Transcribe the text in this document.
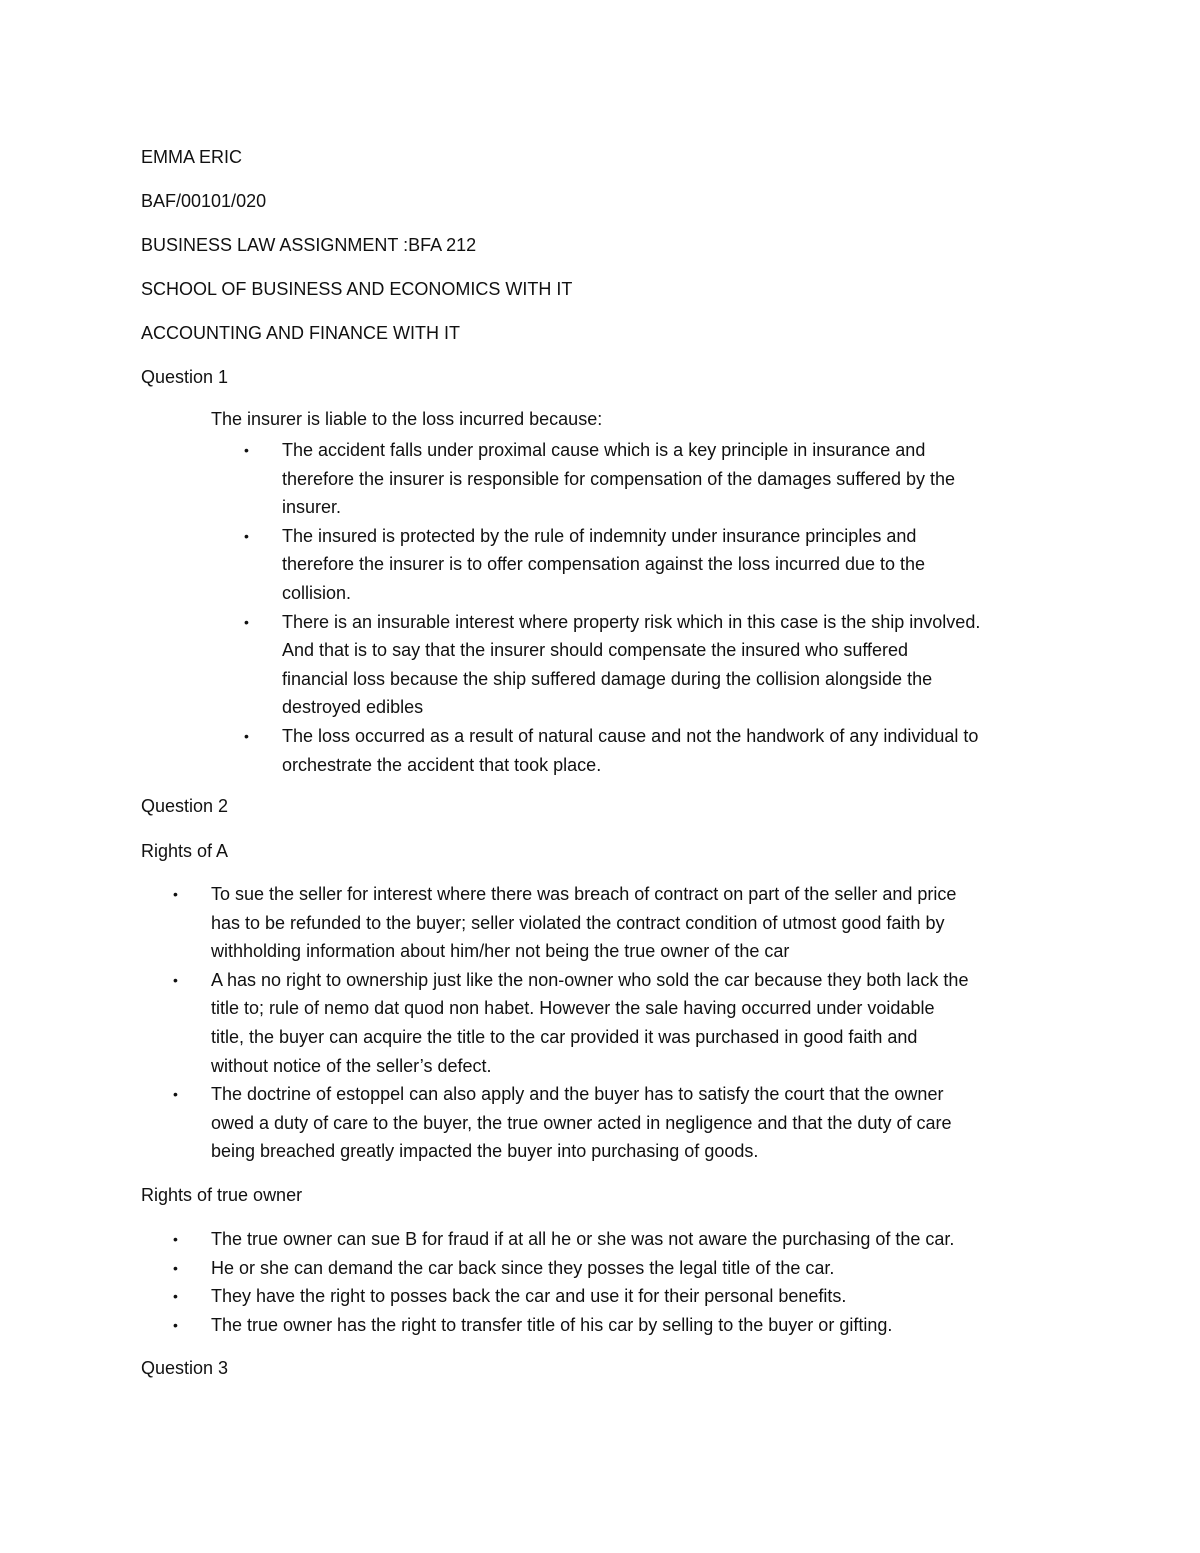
EMMA ERIC
BAF/00101/020
BUSINESS LAW ASSIGNMENT :BFA 212
SCHOOL OF BUSINESS AND ECONOMICS WITH IT
ACCOUNTING AND FINANCE WITH IT
Question 1
The insurer is liable to the loss incurred because:
• The accident falls under proximal cause which is a key principle in insurance and
therefore the insurer is responsible for compensation of the damages suffered by the
insurer.
• The insured is protected by the rule of indemnity under insurance principles and
therefore the insurer is to offer compensation against the loss incurred due to the
collision.
• There is an insurable interest where property risk which in this case is the ship involved.
And that is to say that the insurer should compensate the insured who suffered
financial loss because the ship suffered damage during the collision alongside the
destroyed edibles
• The loss occurred as a result of natural cause and not the handwork of any individual to
orchestrate the accident that took place.
Question 2
Rights of A
• To sue the seller for interest where there was breach of contract on part of the seller and price
has to be refunded to the buyer; seller violated the contract condition of utmost good faith by
withholding information about him/her not being the true owner of the car
• A has no right to ownership just like the non-owner who sold the car because they both lack the
title to; rule of nemo dat quod non habet. However the sale having occurred under voidable
title, the buyer can acquire the title to the car provided it was purchased in good faith and
without notice of the seller’s defect.
• The doctrine of estoppel can also apply and the buyer has to satisfy the court that the owner
owed a duty of care to the buyer, the true owner acted in negligence and that the duty of care
being breached greatly impacted the buyer into purchasing of goods.
Rights of true owner
• The true owner can sue B for fraud if at all he or she was not aware the purchasing of the car.
• He or she can demand the car back since they posses the legal title of the car.
• They have the right to posses back the car and use it for their personal benefits.
• The true owner has the right to transfer title of his car by selling to the buyer or gifting.
Question 3
